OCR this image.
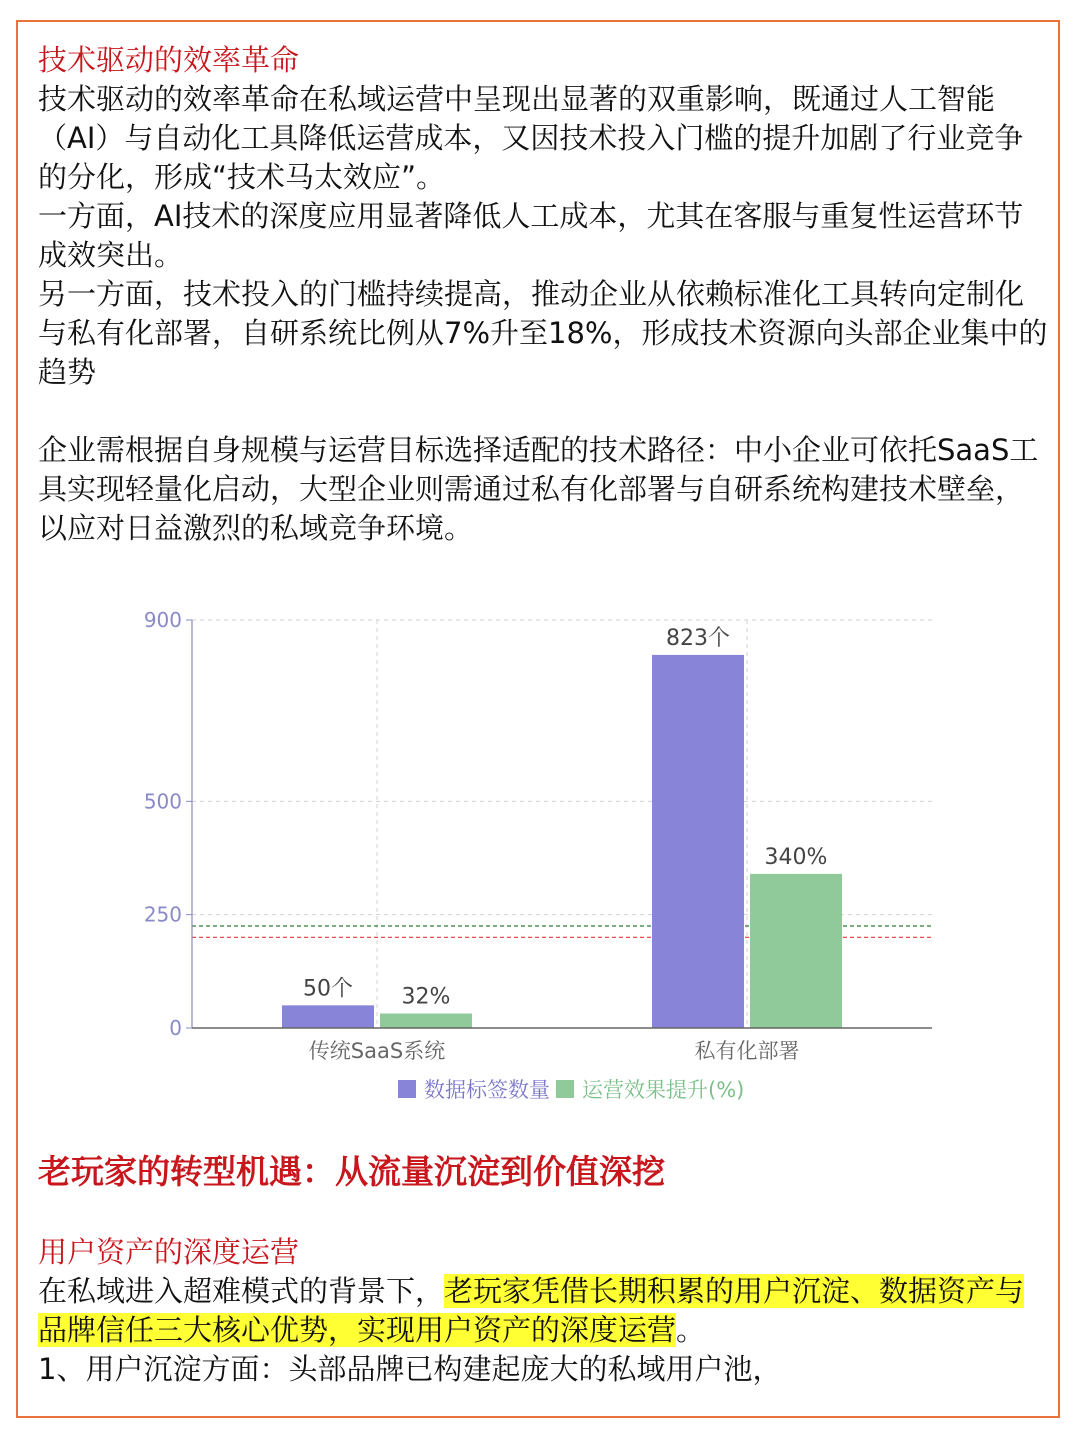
技术驱动的效率革命

技术驱动的效率革命在私域运营中呈现出显著的双重影响，既通过人工智能（AI）与自动化工具降低运营成本，又因技术投入门槛的提升加剧了行业竞争的分化，形成“技术马太效应”。

一方面，AI技术的深度应用显著降低人工成本，尤其在客服与重复性运营环节成效突出。

另一方面，技术投入的门槛持续提高，推动企业从依赖标准化工具转向定制化与私有化部署，自研系统比例从7%升至18%，形成技术资源向头部企业集中的趋势

企业需根据自身规模与运营目标选择适配的技术路径：中小企业可依托SaaS工具实现轻量化启动，大型企业则需通过私有化部署与自研系统构建技术壁垒，以应对日益激烈的私域竞争环境。

0
250
500
900
50个 32%
传统SaaS系统
823个
340%
私有化部署
数据标签数量 运营效果提升(%)
老玩家的转型机遇：从流量沉淀到价值深挖
用户资产的深度运营

在私域进入超难模式的背景下，老玩家凭借长期积累的用户沉淀、数据资产与品牌信任三大核心优势，实现用户资产的深度运营。

1、用户沉淀方面：头部品牌已构建起庞大的私域用户池，
